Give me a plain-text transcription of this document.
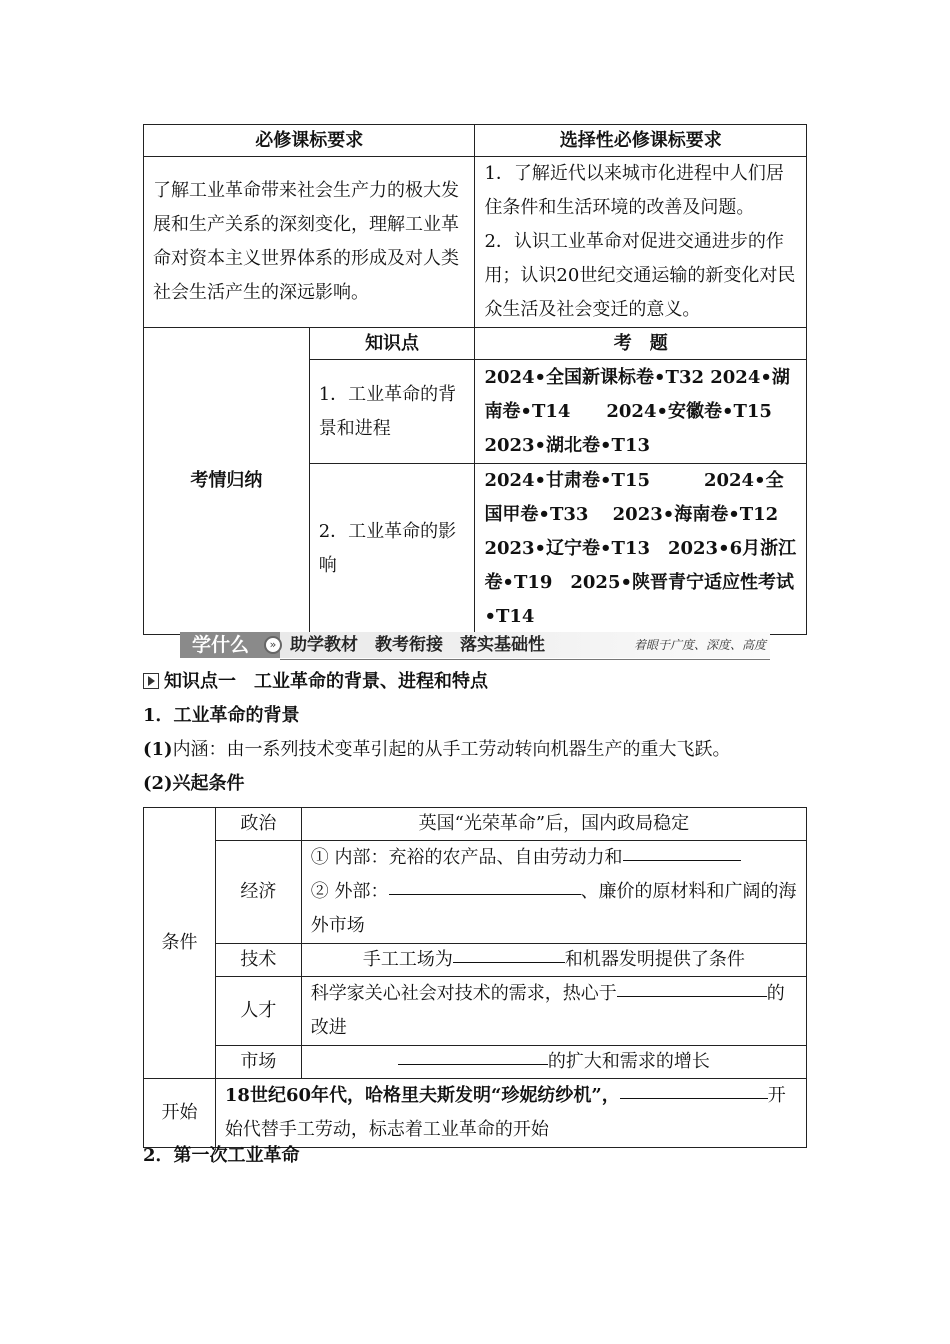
必修课标要求		选择性必修课标要求
了解工业革命带来社会生产力的极大发展和生产关系的深刻变化，理解工业革命对资本主义世界体系的形成及对人类社会生活产生的深远影响。		1．了解近代以来城市化进程中人们居住条件和生活环境的改善及问题。
2．认识工业革命对促进交通进步的作用；认识20世纪交通运输的新变化对民众生活及社会变迁的意义。

考情归纳	知识点	考　题
	1．工业革命的背景和进程	2024•全国新课标卷•T32 2024•湖南卷•T14　　2024•安徽卷•T15　2023•湖北卷•T13
	2．工业革命的影响	2024•甘肃卷•T15　　　2024•全国甲卷•T33　 2023•海南卷•T12 2023•辽宁卷•T13　2023•6月浙江卷•T19　2025•陕晋青宁适应性考试•T14
学什么	» 助学教材　教考衔接　落实基础性	着眼于广度、深度、高度
知识点一　工业革命的背景、进程和特点
1．工业革命的背景
(1)内涵：由一系列技术变革引起的从手工劳动转向机器生产的重大飞跃。
(2)兴起条件
条件	政治	英国“光荣革命”后，国内政局稳定
	经济	① 内部：充裕的农产品、自由劳动力和
② 外部： 、廉价的原材料和广阔的海外市场

	技术	手工工场为 和机器发明提供了条件
	人才	科学家关心社会对技术的需求，热心于 的改进
	市场	的扩大和需求的增长
开始	18世纪60年代，哈格里夫斯发明“珍妮纺纱机”， 开始代替手工劳动，标志着工业革命的开始	
2．第一次工业革命
